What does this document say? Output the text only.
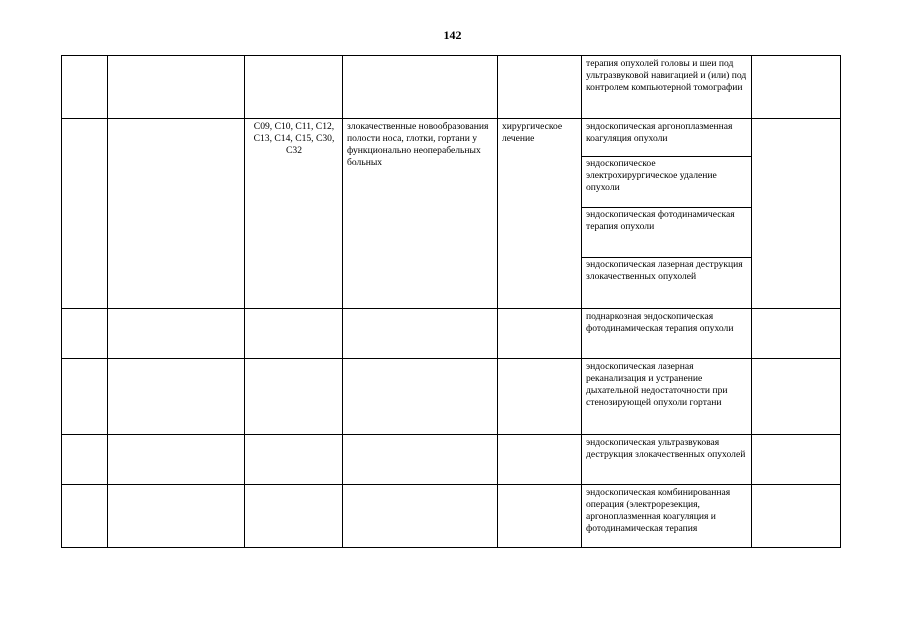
142
терапия опухолей головы и шеи под ультразвуковой навигацией и (или) под контролем компьютерной томографии
C09, C10, C11, C12, C13, C14, C15, C30, C32
злокачественные новообразования полости носа, глотки, гортани у функционально неоперабельных больных
хирургическое лечение
эндоскопическая аргоноплазменная коагуляция опухоли
эндоскопическое электрохирургическое удаление опухоли
эндоскопическая фотодинамическая терапия опухоли
эндоскопическая лазерная деструкция злокачественных опухолей
поднаркозная эндоскопическая фотодинамическая терапия опухоли
эндоскопическая лазерная реканализация и устранение дыхательной недостаточности при стенозирующей опухоли гортани
эндоскопическая ультразвуковая деструкция злокачественных опухолей
эндоскопическая комбинированная операция (электрорезекция, аргоноплазменная коагуляция и фотодинамическая терапия
